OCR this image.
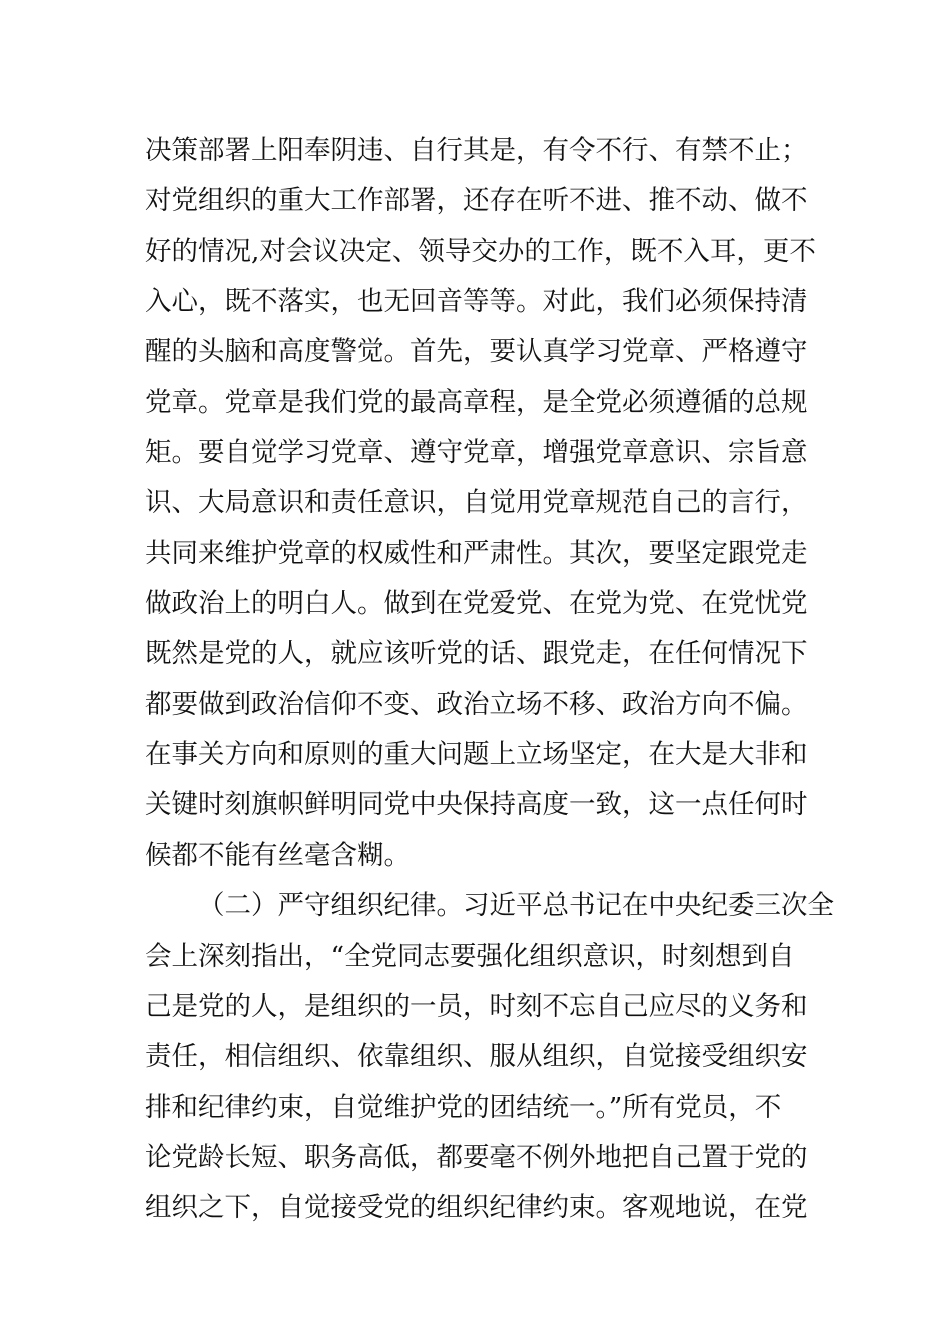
决策部署上阳奉阴违、自行其是，有令不行、有禁不止；
对党组织的重大工作部署，还存在听不进、推不动、做不
好的情况,对会议决定、领导交办的工作，既不入耳，更不
入心，既不落实，也无回音等等。对此，我们必须保持清
醒的头脑和高度警觉。首先，要认真学习党章、严格遵守
党章。党章是我们党的最高章程，是全党必须遵循的总规
矩。要自觉学习党章、遵守党章，增强党章意识、宗旨意
识、大局意识和责任意识，自觉用党章规范自己的言行，
共同来维护党章的权威性和严肃性。其次，要坚定跟党走
做政治上的明白人。做到在党爱党、在党为党、在党忧党
既然是党的人，就应该听党的话、跟党走，在任何情况下
都要做到政治信仰不变、政治立场不移、政治方向不偏。
在事关方向和原则的重大问题上立场坚定，在大是大非和
关键时刻旗帜鲜明同党中央保持高度一致，这一点任何时
候都不能有丝毫含糊。
（二）严守组织纪律。习近平总书记在中央纪委三次全
会上深刻指出，“全党同志要强化组织意识，时刻想到自
己是党的人，是组织的一员，时刻不忘自己应尽的义务和
责任，相信组织、依靠组织、服从组织，自觉接受组织安
排和纪律约束，自觉维护党的团结统一。”所有党员，不
论党龄长短、职务高低，都要毫不例外地把自己置于党的
组织之下，自觉接受党的组织纪律约束。客观地说，在党
